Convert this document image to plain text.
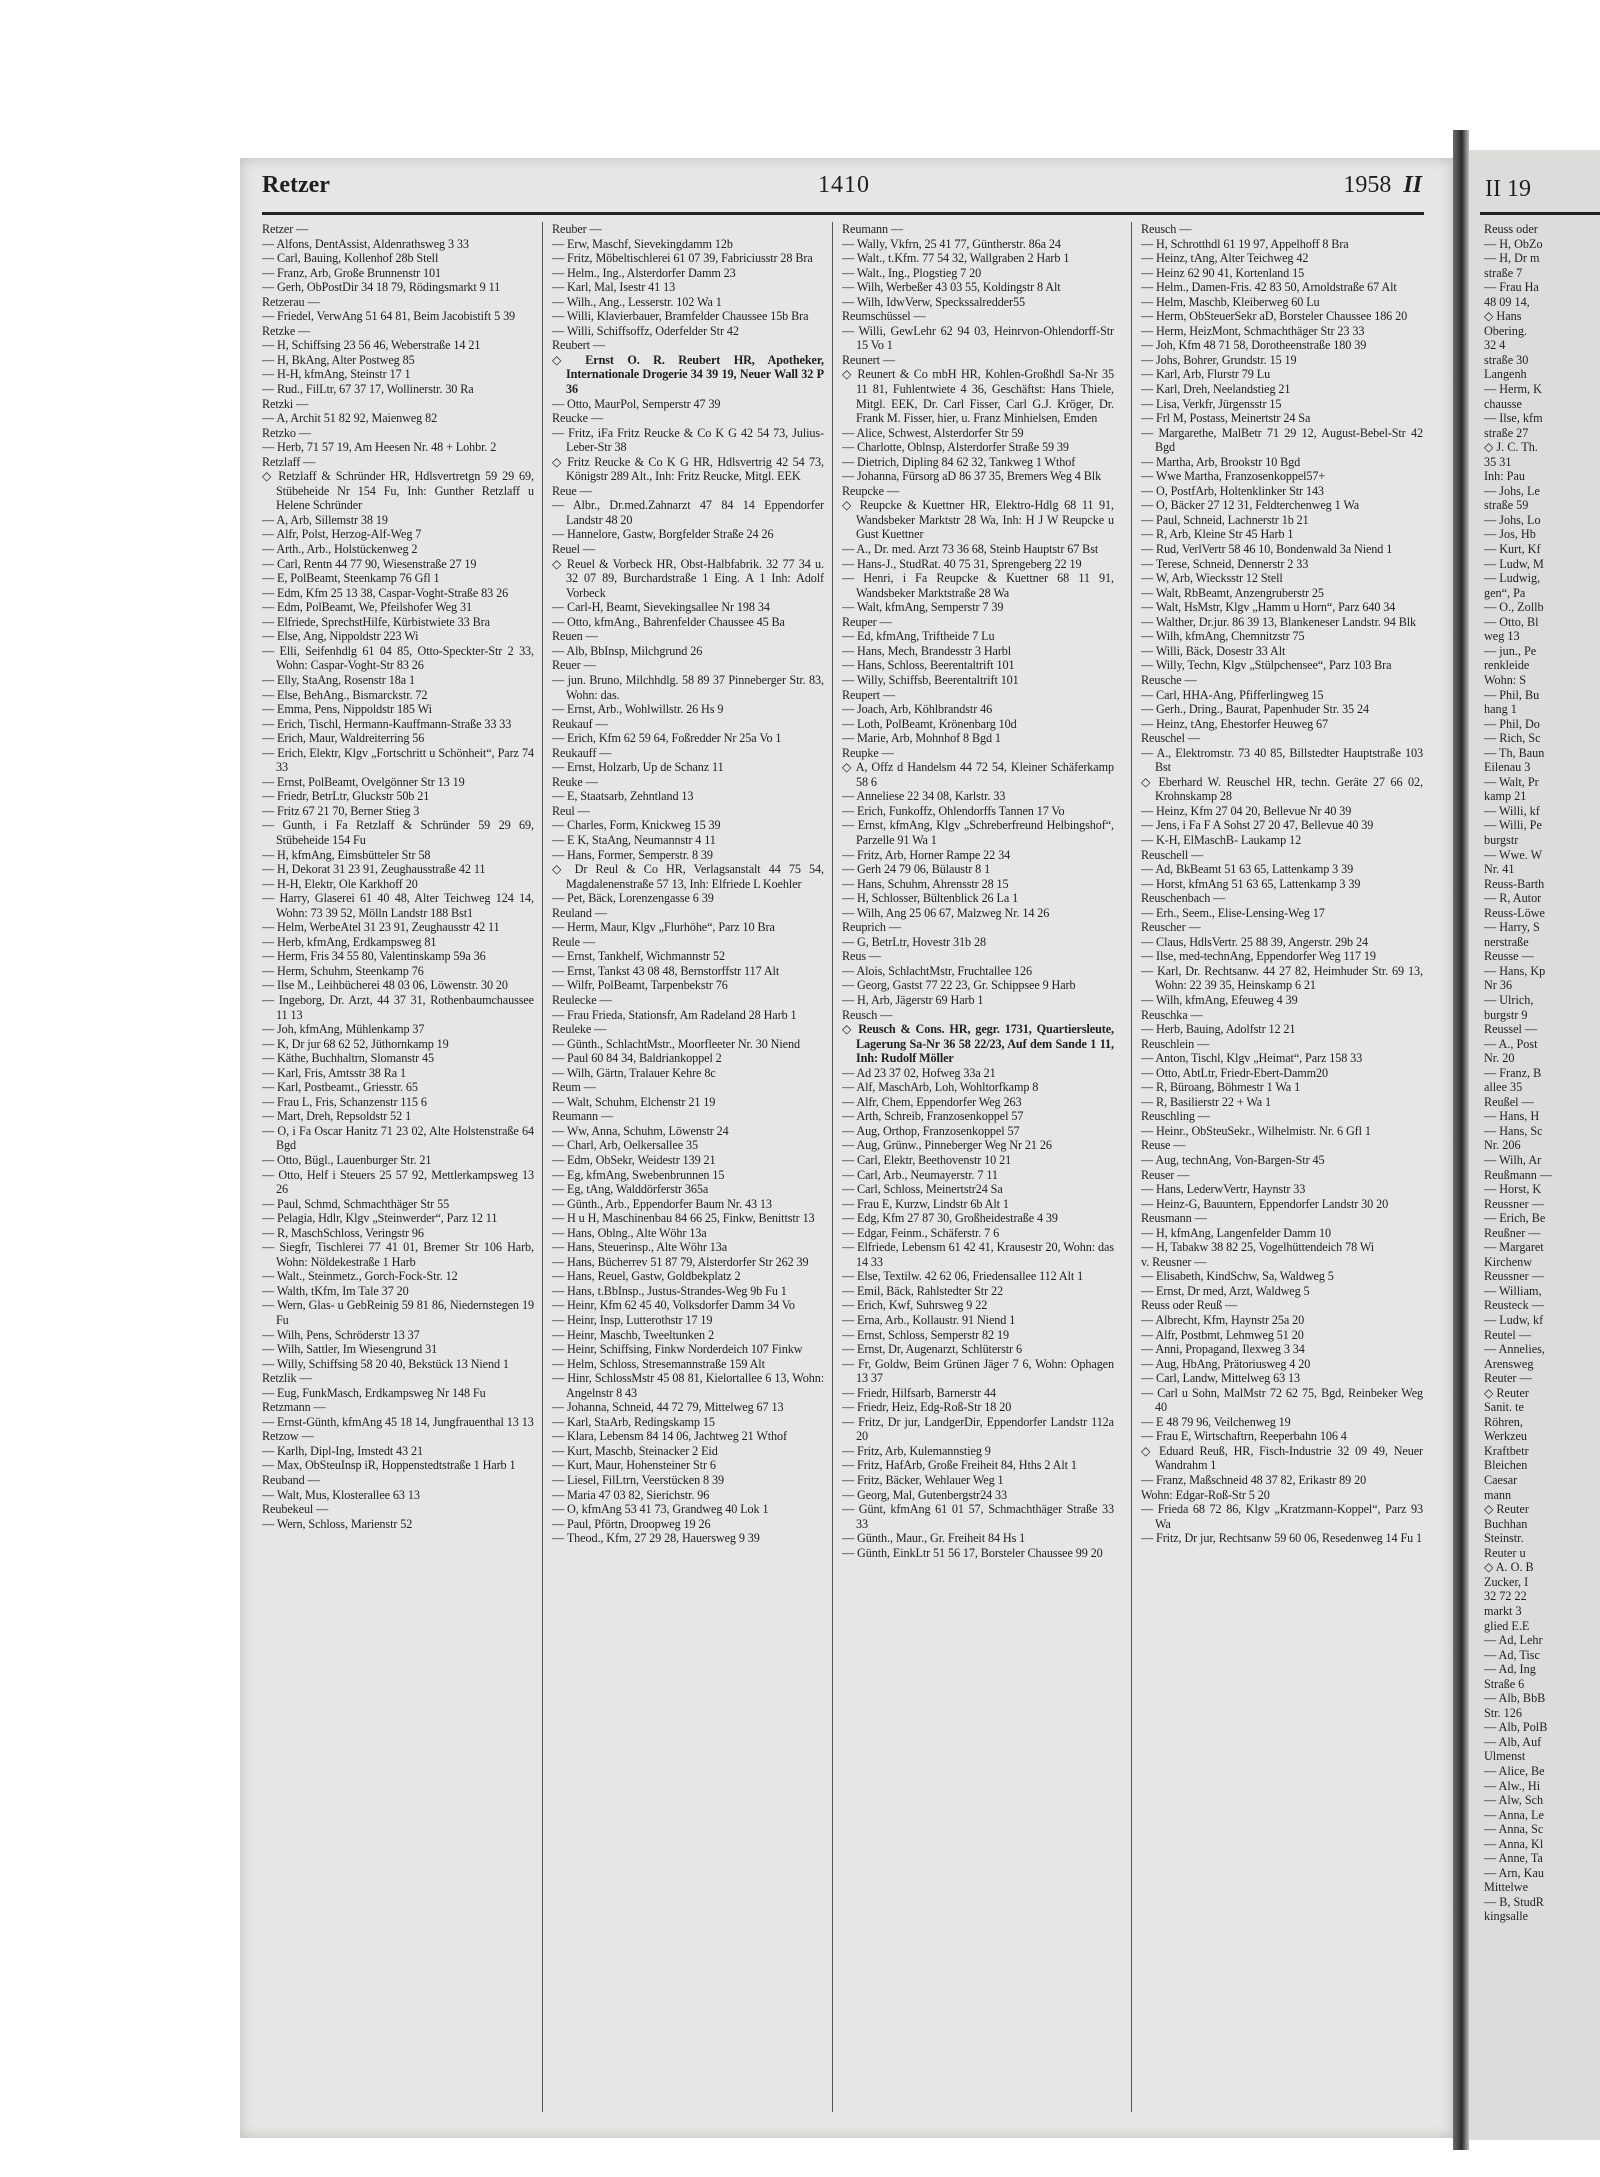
Retzer	1410	1958 II	II 19
Retzer —
— Alfons, DentAssist, Aldenrathsweg 3 33
— Carl, Bauing, Kollenhof 28b Stell
— Franz, Arb, Große Brunnenstr 101
— Gerh, ObPostDir 34 18 79, Rödingsmarkt 9 11
Retzerau —
— Friedel, VerwAng 51 64 81, Beim Jacobistift 5 39
Retzke —
— H, Schiffsing 23 56 46, Weberstraße 14 21
— H, BkAng, Alter Postweg 85
— H-H, kfmAng, Steinstr 17 1
— Rud., FilLtr, 67 37 17, Wollinerstr. 30 Ra
Retzki —
— A, Archit 51 82 92, Maienweg 82
Retzko —
— Herb, 71 57 19, Am Heesen Nr. 48 + Lohbr. 2
Retzlaff —
◇ Retzlaff & Schründer HR, Hdlsvertretgn 59 29 69, Stübeheide Nr 154 Fu, Inh: Gunther Retzlaff u Helene Schründer
— A, Arb, Sillemstr 38 19
— Alfr, Polst, Herzog-Alf-Weg 7
— Arth., Arb., Holstückenweg 2
— Carl, Rentn 44 77 90, Wiesenstraße 27 19
— E, PolBeamt, Steenkamp 76 Gfl 1
— Edm, Kfm 25 13 38, Caspar-Voght-Straße 83 26
— Edm, PolBeamt, We, Pfeilshofer Weg 31
— Elfriede, SprechstHilfe, Kürbistwiete 33 Bra
— Else, Ang, Nippoldstr 223 Wi
— Elli, Seifenhdlg 61 04 85, Otto-Speckter-Str 2 33, Wohn: Caspar-Voght-Str 83 26
— Elly, StaAng, Rosenstr 18a 1
— Else, BehAng., Bismarckstr. 72
— Emma, Pens, Nippoldstr 185 Wi
— Erich, Tischl, Hermann-Kauffmann-Straße 33 33
— Erich, Maur, Waldreiterring 56
— Erich, Elektr, Klgv „Fortschritt u Schönheit“, Parz 74 33
— Ernst, PolBeamt, Ovelgönner Str 13 19
— Friedr, BetrLtr, Gluckstr 50b 21
— Fritz 67 21 70, Berner Stieg 3
— Gunth, i Fa Retzlaff & Schründer 59 29 69, Stübeheide 154 Fu
— H, kfmAng, Eimsbütteler Str 58
— H, Dekorat 31 23 91, Zeughausstraße 42 11
— H-H, Elektr, Ole Karkhoff 20
— Harry, Glaserei 61 40 48, Alter Teichweg 124 14, Wohn: 73 39 52, Mölln Landstr 188 Bst1
— Helm, WerbeAtel 31 23 91, Zeughausstr 42 11
— Herb, kfmAng, Erdkampsweg 81
— Herm, Fris 34 55 80, Valentinskamp 59a 36
— Herm, Schuhm, Steenkamp 76
— Ilse M., Leihbücherei 48 03 06, Löwenstr. 30 20
— Ingeborg, Dr. Arzt, 44 37 31, Rothenbaumchaussee 11 13
— Joh, kfmAng, Mühlenkamp 37
— K, Dr jur 68 62 52, Jüthornkamp 19
— Käthe, Buchhaltrn, Slomanstr 45
— Karl, Fris, Amtsstr 38 Ra 1
— Karl, Postbeamt., Griesstr. 65
— Frau L, Fris, Schanzenstr 115 6
— Mart, Dreh, Repsoldstr 52 1
— O, i Fa Oscar Hanitz 71 23 02, Alte Holstenstraße 64 Bgd
— Otto, Bügl., Lauenburger Str. 21
— Otto, Helf i Steuers 25 57 92, Mettlerkampsweg 13 26
— Paul, Schmd, Schmachthäger Str 55
— Pelagia, Hdlr, Klgv „Steinwerder“, Parz 12 11
— R, MaschSchloss, Veringstr 96
— Siegfr, Tischlerei 77 41 01, Bremer Str 106 Harb, Wohn: Nöldekestraße 1 Harb
— Walt., Steinmetz., Gorch-Fock-Str. 12
— Walth, tKfm, Im Tale 37 20
— Wern, Glas- u GebReinig 59 81 86, Niedernstegen 19 Fu
— Wilh, Pens, Schröderstr 13 37
— Wilh, Sattler, Im Wiesengrund 31
— Willy, Schiffsing 58 20 40, Bekstück 13 Niend 1
Retzlik —
— Eug, FunkMasch, Erdkampsweg Nr 148 Fu
Retzmann —
— Ernst-Günth, kfmAng 45 18 14, Jungfrauenthal 13 13
Retzow —
— Karlh, Dipl-Ing, Imstedt 43 21
— Max, ObSteuInsp iR, Hoppenstedtstraße 1 Harb 1
Reuband —
— Walt, Mus, Klosterallee 63 13
Reubekeul —
— Wern, Schloss, Marienstr 52
Reuber —
— Erw, Maschf, Sievekingdamm 12b
— Fritz, Möbeltischlerei 61 07 39, Fabriciusstr 28 Bra
— Helm., Ing., Alsterdorfer Damm 23
— Karl, Mal, Isestr 41 13
— Wilh., Ang., Lesserstr. 102 Wa 1
— Willi, Klavierbauer, Bramfelder Chaussee 15b Bra
— Willi, Schiffsoffz, Oderfelder Str 42
Reubert —
◇ Ernst O. R. Reubert HR, Apotheker, Internationale Drogerie 34 39 19, Neuer Wall 32 P 36
— Otto, MaurPol, Semperstr 47 39
Reucke —
— Fritz, iFa Fritz Reucke & Co K G 42 54 73, Julius-Leber-Str 38
◇ Fritz Reucke & Co K G HR, Hdlsvertrig 42 54 73, Königstr 289 Alt., Inh: Fritz Reucke, Mitgl. EEK
Reue —
— Albr., Dr.med.Zahnarzt 47 84 14 Eppendorfer Landstr 48 20
— Hannelore, Gastw, Borgfelder Straße 24 26
Reuel —
◇ Reuel & Vorbeck HR, Obst-Halbfabrik. 32 77 34 u. 32 07 89, Burchardstraße 1 Eing. A 1 Inh: Adolf Vorbeck
— Carl-H, Beamt, Sievekingsallee Nr 198 34
— Otto, kfmAng., Bahrenfelder Chaussee 45 Ba
Reuen —
— Alb, BbInsp, Milchgrund 26
Reuer —
— jun. Bruno, Milchhdlg. 58 89 37 Pinneberger Str. 83, Wohn: das.
— Ernst, Arb., Wohlwillstr. 26 Hs 9
Reukauf —
— Erich, Kfm 62 59 64, Foßredder Nr 25a Vo 1
Reukauff —
— Ernst, Holzarb, Up de Schanz 11
Reuke —
— E, Staatsarb, Zehntland 13
Reul —
— Charles, Form, Knickweg 15 39
— E K, StaAng, Neumannstr 4 11
— Hans, Former, Semperstr. 8 39
◇ Dr Reul & Co HR, Verlagsanstalt 44 75 54, Magdalenenstraße 57 13, Inh: Elfriede L Koehler
— Pet, Bäck, Lorenzengasse 6 39
Reuland —
— Herm, Maur, Klgv „Flurhöhe“, Parz 10 Bra
Reule —
— Ernst, Tankhelf, Wichmannstr 52
— Ernst, Tankst 43 08 48, Bernstorffstr 117 Alt
— Wilfr, PolBeamt, Tarpenbekstr 76
Reulecke —
— Frau Frieda, Stationsfr, Am Radeland 28 Harb 1
Reuleke —
— Günth., SchlachtMstr., Moorfleeter Nr. 30 Niend
— Paul 60 84 34, Baldriankoppel 2
— Wilh, Gärtn, Tralauer Kehre 8c
Reum —
— Walt, Schuhm, Elchenstr 21 19
Reumann —
— Ww, Anna, Schuhm, Löwenstr 24
— Charl, Arb, Oelkersallee 35
— Edm, ObSekr, Weidestr 139 21
— Eg, kfmAng, Swebenbrunnen 15
— Eg, tAng, Walddörferstr 365a
— Günth., Arb., Eppendorfer Baum Nr. 43 13
— H u H, Maschinenbau 84 66 25, Finkw, Benittstr 13
— Hans, Oblng., Alte Wöhr 13a
— Hans, Steuerinsp., Alte Wöhr 13a
— Hans, Bücherrev 51 87 79, Alsterdorfer Str 262 39
— Hans, Reuel, Gastw, Goldbekplatz 2
— Hans, t.BbInsp., Justus-Strandes-Weg 9b Fu 1
— Heinr, Kfm 62 45 40, Volksdorfer Damm 34 Vo
— Heinr, Insp, Lutterothstr 17 19
— Heinr, Maschb, Tweeltunken 2
— Heinr, Schiffsing, Finkw Norderdeich 107 Finkw
— Helm, Schloss, Stresemannstraße 159 Alt
— Hinr, SchlossMstr 45 08 81, Kielortallee 6 13, Wohn: Angelnstr 8 43
— Johanna, Schneid, 44 72 79, Mittelweg 67 13
— Karl, StaArb, Redingskamp 15
— Klara, Lebensm 84 14 06, Jachtweg 21 Wthof
— Kurt, Maschb, Steinacker 2 Eid
— Kurt, Maur, Hohensteiner Str 6
— Liesel, FilLtrn, Veerstücken 8 39
— Maria 47 03 82, Sierichstr. 96
— O, kfmAng 53 41 73, Grandweg 40 Lok 1
— Paul, Pförtn, Droopweg 19 26
— Theod., Kfm, 27 29 28, Hauersweg 9 39
Reumann —
— Wally, Vkfrn, 25 41 77, Güntherstr. 86a 24
— Walt., t.Kfm. 77 54 32, Wallgraben 2 Harb 1
— Walt., Ing., Plogstieg 7 20
— Wilh, Werbeßer 43 03 55, Koldingstr 8 Alt
— Wilh, IdwVerw, Speckssalredder55
Reumschüssel —
— Willi, GewLehr 62 94 03, Heinrvon-Ohlendorff-Str 15 Vo 1
Reunert —
◇ Reunert & Co mbH HR, Kohlen-Großhdl Sa-Nr 35 11 81, Fuhlentwiete 4 36, Geschäftst: Hans Thiele, Mitgl. EEK, Dr. Carl Fisser, Carl G.J. Kröger, Dr. Frank M. Fisser, hier, u. Franz Minhielsen, Emden
— Alice, Schwest, Alsterdorfer Str 59
— Charlotte, Oblnsp, Alsterdorfer Straße 59 39
— Dietrich, Dipling 84 62 32, Tankweg 1 Wthof
— Johanna, Fürsorg aD 86 37 35, Bremers Weg 4 Blk
Reupcke —
◇ Reupcke & Kuettner HR, Elektro-Hdlg 68 11 91, Wandsbeker Marktstr 28 Wa, Inh: H J W Reupcke u Gust Kuettner
— A., Dr. med. Arzt 73 36 68, Steinb Hauptstr 67 Bst
— Hans-J., StudRat. 40 75 31, Sprengeberg 22 19
— Henri, i Fa Reupcke & Kuettner 68 11 91, Wandsbeker Marktstraße 28 Wa
— Walt, kfmAng, Semperstr 7 39
Reuper —
— Ed, kfmAng, Triftheide 7 Lu
— Hans, Mech, Brandesstr 3 Harbl
— Hans, Schloss, Beerentaltrift 101
— Willy, Schiffsb, Beerentaltrift 101
Reupert —
— Joach, Arb, Köhlbrandstr 46
— Loth, PolBeamt, Krönenbarg 10d
— Marie, Arb, Mohnhof 8 Bgd 1
Reupke —
◇ A, Offz d Handelsm 44 72 54, Kleiner Schäferkamp 58 6
— Anneliese 22 34 08, Karlstr. 33
— Erich, Funkoffz, Ohlendorffs Tannen 17 Vo
— Ernst, kfmAng, Klgv „Schreberfreund Helbingshof“, Parzelle 91 Wa 1
— Fritz, Arb, Horner Rampe 22 34
— Gerh 24 79 06, Bülaustr 8 1
— Hans, Schuhm, Ahrensstr 28 15
— H, Schlosser, Bültenblick 26 La 1
— Wilh, Ang 25 06 67, Malzweg Nr. 14 26
Reuprich —
— G, BetrLtr, Hovestr 31b 28
Reus —
— Alois, SchlachtMstr, Fruchtallee 126
— Georg, Gastst 77 22 23, Gr. Schippsee 9 Harb
— H, Arb, Jägerstr 69 Harb 1
Reusch —
◇ Reusch & Cons. HR, gegr. 1731, Quartiersleute, Lagerung Sa-Nr 36 58 22/23, Auf dem Sande 1 11, Inh: Rudolf Möller
— Ad 23 37 02, Hofweg 33a 21
— Alf, MaschArb, Loh, Wohltorfkamp 8
— Alfr, Chem, Eppendorfer Weg 263
— Arth, Schreib, Franzosenkoppel 57
— Aug, Orthop, Franzosenkoppel 57
— Aug, Grünw., Pinneberger Weg Nr 21 26
— Carl, Elektr, Beethovenstr 10 21
— Carl, Arb., Neumayerstr. 7 11
— Carl, Schloss, Meinertstr24 Sa
— Frau E, Kurzw, Lindstr 6b Alt 1
— Edg, Kfm 27 87 30, Großheidestraße 4 39
— Edgar, Feinm., Schäferstr. 7 6
— Elfriede, Lebensm 61 42 41, Krausestr 20, Wohn: das 14 33
— Else, Textilw. 42 62 06, Friedensallee 112 Alt 1
— Emil, Bäck, Rahlstedter Str 22
— Erich, Kwf, Suhrsweg 9 22
— Erna, Arb., Kollaustr. 91 Niend 1
— Ernst, Schloss, Semperstr 82 19
— Ernst, Dr, Augenarzt, Schlüterstr 6
— Fr, Goldw, Beim Grünen Jäger 7 6, Wohn: Ophagen 13 37
— Friedr, Hilfsarb, Barnerstr 44
— Friedr, Heiz, Edg-Roß-Str 18 20
— Fritz, Dr jur, LandgerDir, Eppendorfer Landstr 112a 20
— Fritz, Arb, Kulemannstieg 9
— Fritz, HafArb, Große Freiheit 84, Hths 2 Alt 1
— Fritz, Bäcker, Wehlauer Weg 1
— Georg, Mal, Gutenbergstr24 33
— Günt, kfmAng 61 01 57, Schmachthäger Straße 33 33
— Günth., Maur., Gr. Freiheit 84 Hs 1
— Günth, EinkLtr 51 56 17, Borsteler Chaussee 99 20
Reusch —
— H, Schrotthdl 61 19 97, Appelhoff 8 Bra
— Heinz, tAng, Alter Teichweg 42
— Heinz 62 90 41, Kortenland 15
— Helm., Damen-Fris. 42 83 50, Arnoldstraße 67 Alt
— Helm, Maschb, Kleiberweg 60 Lu
— Herm, ObSteuerSekr aD, Borsteler Chaussee 186 20
— Herm, HeizMont, Schmachthäger Str 23 33
— Joh, Kfm 48 71 58, Dorotheenstraße 180 39
— Johs, Bohrer, Grundstr. 15 19
— Karl, Arb, Flurstr 79 Lu
— Karl, Dreh, Neelandstieg 21
— Lisa, Verkfr, Jürgensstr 15
— Frl M, Postass, Meinertstr 24 Sa
— Margarethe, MalBetr 71 29 12, August-Bebel-Str 42 Bgd
— Martha, Arb, Brookstr 10 Bgd
— Wwe Martha, Franzosenkoppel57+
— O, PostfArb, Holtenklinker Str 143
— O, Bäcker 27 12 31, Feldterchenweg 1 Wa
— Paul, Schneid, Lachnerstr 1b 21
— R, Arb, Kleine Str 45 Harb 1
— Rud, VerlVertr 58 46 10, Bondenwald 3a Niend 1
— Terese, Schneid, Dennerstr 2 33
— W, Arb, Wiecksstr 12 Stell
— Walt, RbBeamt, Anzengruberstr 25
— Walt, HsMstr, Klgv „Hamm u Horn“, Parz 640 34
— Walther, Dr.jur. 86 39 13, Blankeneser Landstr. 94 Blk
— Wilh, kfmAng, Chemnitzstr 75
— Willi, Bäck, Dosestr 33 Alt
— Willy, Techn, Klgv „Stülpchensee“, Parz 103 Bra
Reusche —
— Carl, HHA-Ang, Pfifferlingweg 15
— Gerh., Dring., Baurat, Papenhuder Str. 35 24
— Heinz, tAng, Ehestorfer Heuweg 67
Reuschel —
— A., Elektromstr. 73 40 85, Billstedter Hauptstraße 103 Bst
◇ Eberhard W. Reuschel HR, techn. Geräte 27 66 02, Krohnskamp 28
— Heinz, Kfm 27 04 20, Bellevue Nr 40 39
— Jens, i Fa F A Sohst 27 20 47, Bellevue 40 39
— K-H, ElMaschB- Laukamp 12
Reuschell —
— Ad, BkBeamt 51 63 65, Lattenkamp 3 39
— Horst, kfmAng 51 63 65, Lattenkamp 3 39
Reuschenbach —
— Erh., Seem., Elise-Lensing-Weg 17
Reuscher —
— Claus, HdlsVertr. 25 88 39, Angerstr. 29b 24
— Ilse, med-technAng, Eppendorfer Weg 117 19
— Karl, Dr. Rechtsanw. 44 27 82, Heimhuder Str. 69 13, Wohn: 22 39 35, Heinskamp 6 21
— Wilh, kfmAng, Efeuweg 4 39
Reuschka —
— Herb, Bauing, Adolfstr 12 21
Reuschlein —
— Anton, Tischl, Klgv „Heimat“, Parz 158 33
— Otto, AbtLtr, Friedr-Ebert-Damm20
— R, Büroang, Böhmestr 1 Wa 1
— R, Basilierstr 22 + Wa 1
Reuschling —
— Heinr., ObSteuSekr., Wilhelmistr. Nr. 6 Gfl 1
Reuse —
— Aug, technAng, Von-Bargen-Str 45
Reuser —
— Hans, LederwVertr, Haynstr 33
— Heinz-G, Bauuntern, Eppendorfer Landstr 30 20
Reusmann —
— H, kfmAng, Langenfelder Damm 10
— H, Tabakw 38 82 25, Vogelhüttendeich 78 Wi
v. Reusner —
— Elisabeth, KindSchw, Sa, Waldweg 5
— Ernst, Dr med, Arzt, Waldweg 5
Reuss oder Reuß —
— Albrecht, Kfm, Haynstr 25a 20
— Alfr, Postbmt, Lehmweg 51 20
— Anni, Propagand, Ilexweg 3 34
— Aug, HbAng, Prätoriusweg 4 20
— Carl, Landw, Mittelweg 63 13
— Carl u Sohn, MalMstr 72 62 75, Bgd, Reinbeker Weg 40
— E 48 79 96, Veilchenweg 19
— Frau E, Wirtschaftrn, Reeperbahn 106 4
◇ Eduard Reuß, HR, Fisch-Industrie 32 09 49, Neuer Wandrahm 1
— Franz, Maßschneid 48 37 82, Erikastr 89 20
Wohn: Edgar-Roß-Str 5 20
— Frieda 68 72 86, Klgv „Kratzmann-Koppel“, Parz 93 Wa
— Fritz, Dr jur, Rechtsanw 59 60 06, Resedenweg 14 Fu 1
Reuss oder
— H, ObZo
— H, Dr m
straße 7
— Frau Ha
48 09 14,
◇ Hans
Obering.
32 4
straße 30
Langenh
— Herm, K
chausse
— Ilse, kfm
straße 27
◇ J. C. Th.
35 31
Inh: Pau
— Johs, Le
straße 59
— Johs, Lo
— Jos, Hb
— Kurt, Kf
— Ludw, M
— Ludwig,
gen“, Pa
— O., Zollb
— Otto, Bl
weg 13
— jun., Pe
renkleide
Wohn: S
— Phil, Bu
hang 1
— Phil, Do
— Rich, Sc
— Th, Baun
Eilenau 3
— Walt, Pr
kamp 21
— Willi, kf
— Willi, Pe
burgstr
— Wwe. W
Nr. 41
Reuss-Barth
— R, Autor
Reuss-Löwe
— Harry, S
nerstraße
Reusse —
— Hans, Kp
Nr 36
— Ulrich,
burgstr 9
Reussel —
— A., Post
Nr. 20
— Franz, B
allee 35
Reußel —
— Hans, H
— Hans, Sc
Nr. 206
— Wilh, Ar
Reußmann —
— Horst, K
Reussner —
— Erich, Be
Reußner —
— Margaret
Kirchenw
Reussner —
— William,
Reusteck —
— Ludw, kf
Reutel —
— Annelies,
Arensweg
Reuter —
◇ Reuter
Sanit. te
Röhren,
Werkzeu
Kraftbetr
Bleichen
Caesar
mann
◇ Reuter
Buchhan
Steinstr.
Reuter u
◇ A. O. B
Zucker, I
32 72 22
markt 3
glied E.E
— Ad, Lehr
— Ad, Tisc
— Ad, Ing
Straße 6
— Alb, BbB
Str. 126
— Alb, PolB
— Alb, Auf
Ulmenst
— Alice, Be
— Alw., Hi
— Alw, Sch
— Anna, Le
— Anna, Sc
— Anna, Kl
— Anne, Ta
— Arn, Kau
Mittelwe
— B, StudR
kingsalle
